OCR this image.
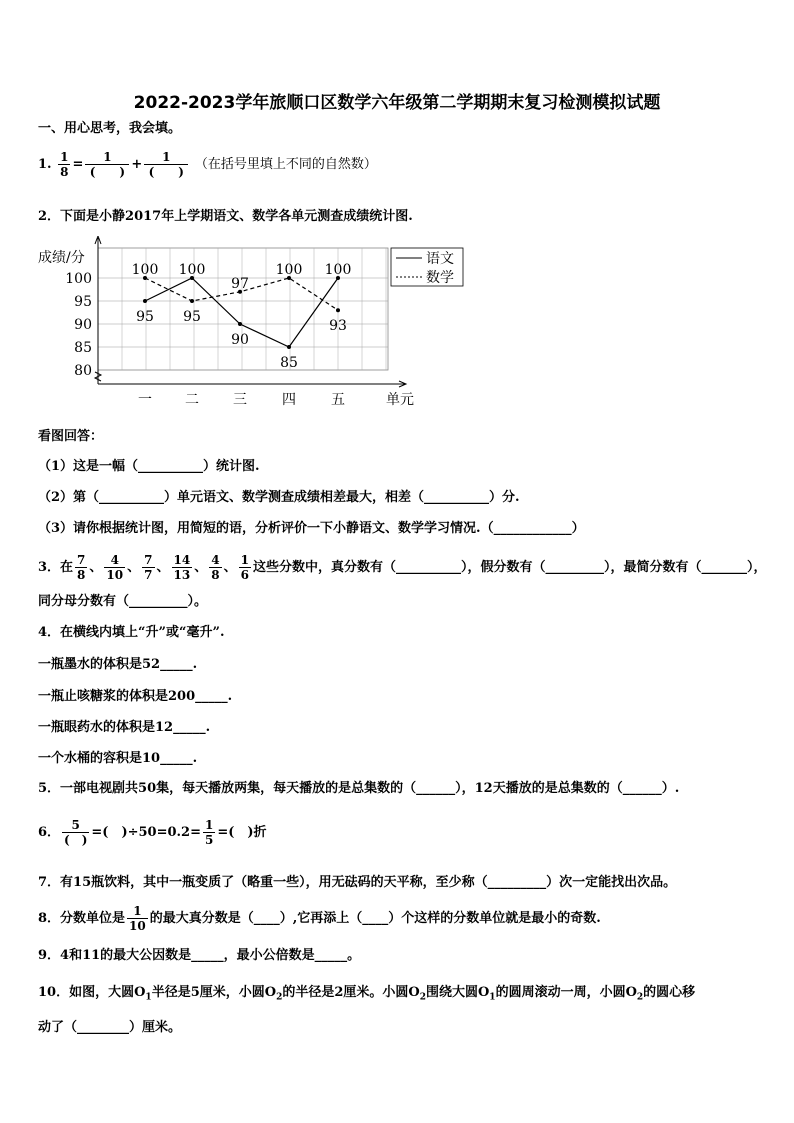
2022-2023学年旅顺口区数学六年级第二学期期末复习检测模拟试题
一、用心思考，我会填。
1. $\frac{1}{8} = \frac{1}{( )} + \frac{1}{( )}$ （在括号里填上不同的自然数）
2．下面是小静2017年上学期语文、数学各单元测查成绩统计图.
80
85
90
95
100
成绩/分
一 二 三	四	五	单元
95
100
90
85
100
100
95
97
100
93
语文
数学
看图回答：
（1）这是一幅（__________）统计图.
（2）第（__________）单元语文、数学测查成绩相差最大，相差（__________）分.
（3）请你根据统计图，用简短的语，分析评价一下小静语文、数学学习情况.（____________）
3．在 $\frac{7}{8}$ 、 $\frac{4}{10}$ 、 $\frac{7}{7}$ 、 $\frac{14}{13}$ 、 $\frac{4}{8}$ 、 $\frac{1}{6}$ 这些分数中，真分数有（__________），假分数有（_________），最简分数有（_______），
同分母分数有（_________）。
4．在横线内填上“升”或“毫升”.
一瓶墨水的体积是52_____.
一瓶止咳糖浆的体积是200_____.
一瓶眼药水的体积是12_____.
一个水桶的容积是10_____.
5．一部电视剧共50集，每天播放两集，每天播放的是总集数的（______），12天播放的是总集数的（______）.
6． $\frac{5}{( )}$ =(　)$\div 50=0.2= \frac{1}{5}$ =(　)折
7．有15瓶饮料，其中一瓶变质了（略重一些），用无砝码的天平称，至少称（_________）次一定能找出次品。
8．分数单位是 $\frac{1}{10}$ 的最大真分数是（____）,它再添上（____）个这样的分数单位就是最小的奇数.
9．4和11的最大公因数是_____，最小公倍数是_____。
10．如图，大圆$O_1$半径是5厘米，小圆$O_2$的半径是2厘米。小圆$O_2$围绕大圆$O_1$的圆周滚动一周，小圆$O_2$的圆心移
动了（________）厘米。
